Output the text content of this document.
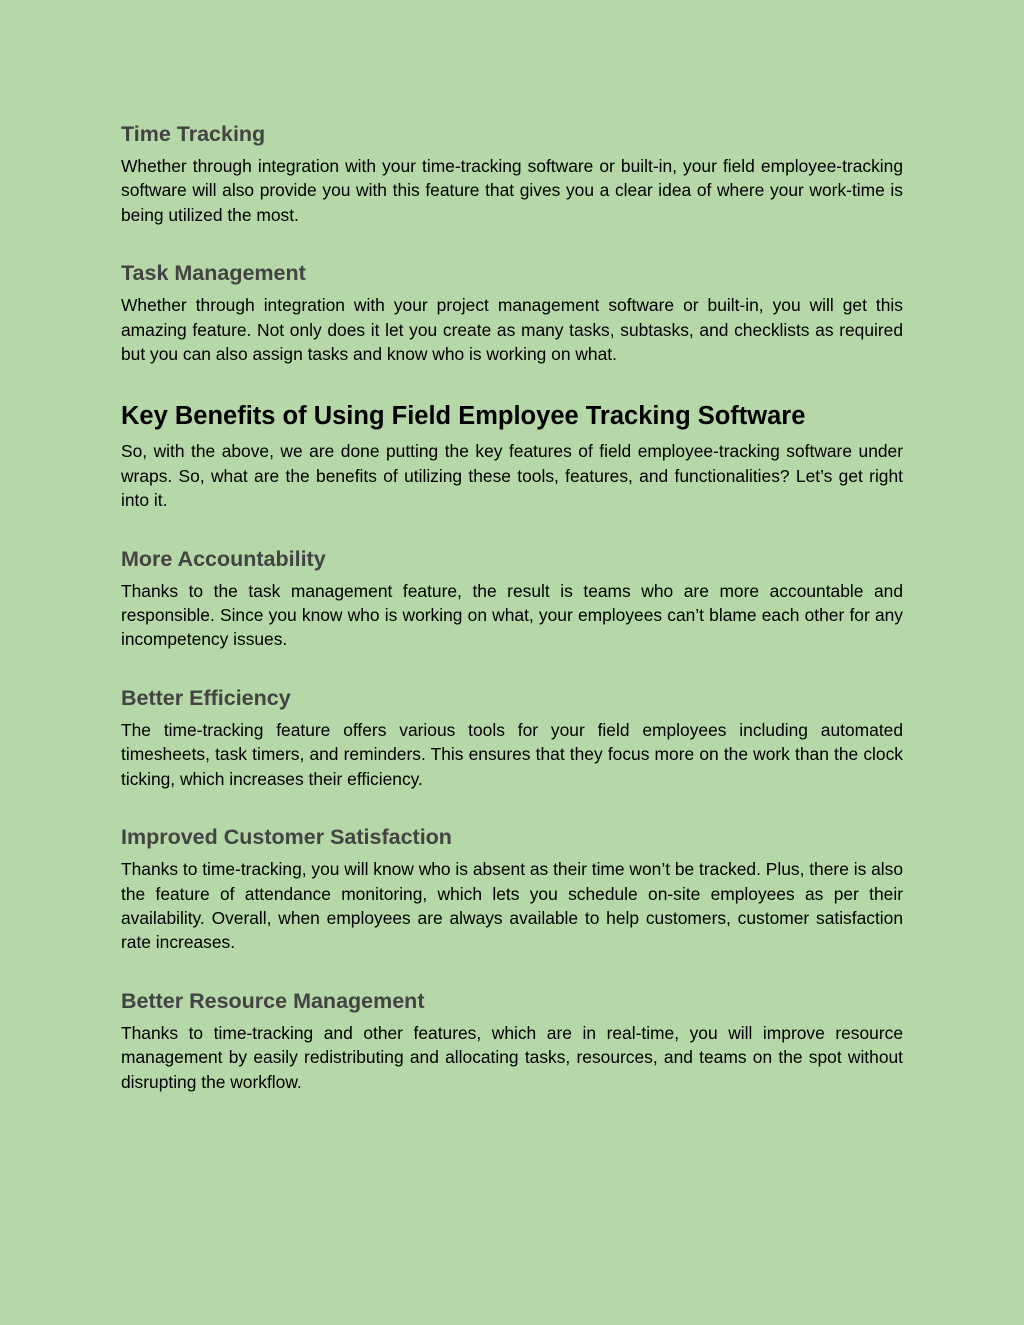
Time Tracking

Whether through integration with your time-tracking software or built-in, your field employee-tracking software will also provide you with this feature that gives you a clear idea of where your work-time is being utilized the most.

Task Management

Whether through integration with your project management software or built-in, you will get this amazing feature. Not only does it let you create as many tasks, subtasks, and checklists as required but you can also assign tasks and know who is working on what.

Key Benefits of Using Field Employee Tracking Software

So, with the above, we are done putting the key features of field employee-tracking software under wraps. So, what are the benefits of utilizing these tools, features, and functionalities? Let’s get right into it.

More Accountability

Thanks to the task management feature, the result is teams who are more accountable and responsible. Since you know who is working on what, your employees can’t blame each other for any incompetency issues.

Better Efficiency

The time-tracking feature offers various tools for your field employees including automated timesheets, task timers, and reminders. This ensures that they focus more on the work than the clock ticking, which increases their efficiency.

Improved Customer Satisfaction

Thanks to time-tracking, you will know who is absent as their time won’t be tracked. Plus, there is also the feature of attendance monitoring, which lets you schedule on-site employees as per their availability. Overall, when employees are always available to help customers, customer satisfaction rate increases.

Better Resource Management

Thanks to time-tracking and other features, which are in real-time, you will improve resource management by easily redistributing and allocating tasks, resources, and teams on the spot without disrupting the workflow.
